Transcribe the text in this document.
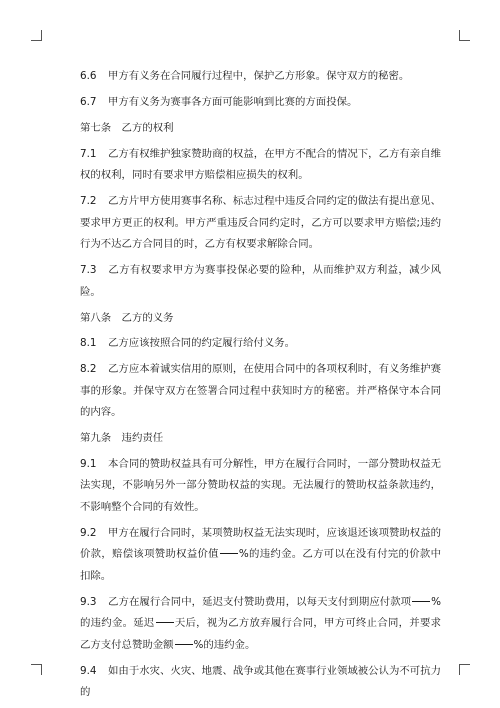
6.6 甲方有义务在合同履行过程中，保护乙方形象。保守双方的秘密。

6.7 甲方有义务为赛事各方面可能影响到比赛的方面投保。

第七条　乙方的权利

7.1 乙方有权维护独家赞助商的权益，在甲方不配合的情况下，乙方有亲自维权的权利，同时有要求甲方赔偿相应损失的权利。

7.2 乙方片甲方使用赛事名称、标志过程中违反合同约定的做法有提出意见、要求甲方更正的权利。甲方严重违反合同约定时，乙方可以要求甲方赔偿;违约行为不达乙方合同目的时，乙方有权要求解除合同。

7.3 乙方有权要求甲方为赛事投保必要的险种，从而维护双方利益，减少风险。

第八条　乙方的义务

8.1 乙方应该按照合同的约定履行给付义务。

8.2 乙方应本着诚实信用的原则，在使用合同中的各项权利时，有义务维护赛事的形象。并保守双方在签署合同过程中获知时方的秘密。并严格保守本合同的内容。

第九条　违约责任

9.1 本合同的赞助权益具有可分解性，甲方在履行合同时，一部分赞助权益无法实现，不影响另外一部分赞助权益的实现。无法履行的赞助权益条款违约，不影响整个合同的有效性。

9.2 甲方在履行合同时，某项赞助权益无法实现时，应该退还该项赞助权益的价款，赔偿该项赞助权益价值 %的违约金。乙方可以在没有付完的价款中扣除。

9.3 乙方在履行合同中，延迟支付赞助费用，以每天支付到期应付款项 %的违约金。延迟 天后，视为乙方放弃履行合同，甲方可终止合同，并要求乙方支付总赞助金额 %的违约金。

9.4 如由于水灾、火灾、地震、战争或其他在赛事行业领域被公认为不可抗力的
